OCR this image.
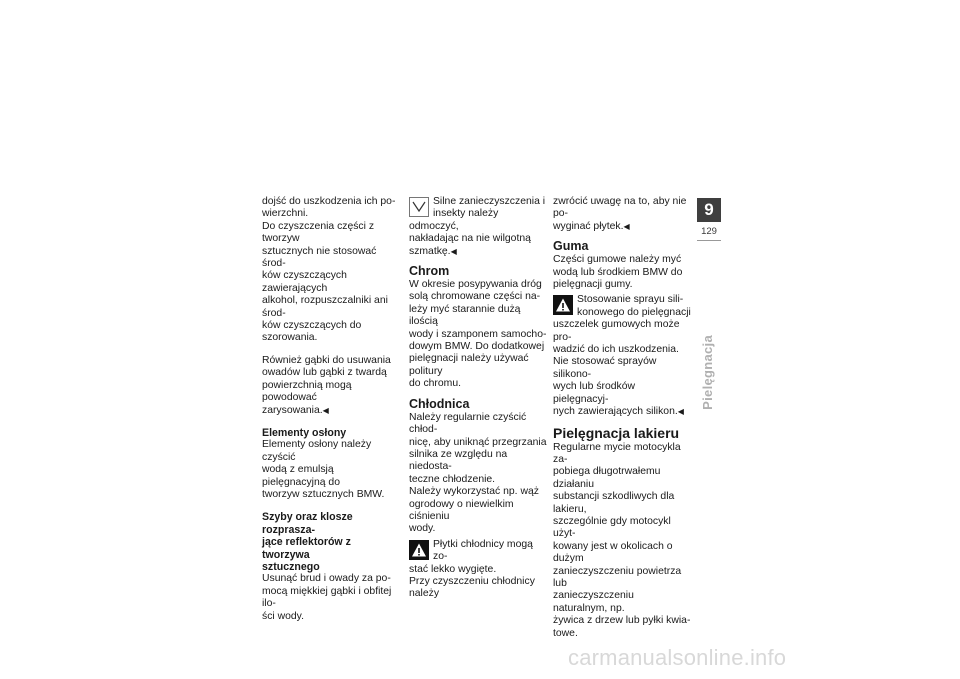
dojść do uszkodzenia ich po-

wierzchni.

Do czyszczenia części z tworzyw

sztucznych nie stosować środ-

ków czyszczących zawierających

alkohol, rozpuszczalniki ani środ-

ków czyszczących do szorowania.

Również gąbki do usuwania

owadów lub gąbki z twardą

powierzchnią mogą powodować

zarysowania.◀

Elementy osłony

Elementy osłony należy czyścić

wodą z emulsją pielęgnacyjną do

tworzyw sztucznych BMW.

Szyby oraz klosze rozprasza-

jące reflektorów z tworzywa

sztucznego

Usunąć brud i owady za po-

mocą miękkiej gąbki i obfitej ilo-

ści wody.

Silne zanieczyszczenia i

insekty należy odmoczyć,

nakładając na nie wilgotną

szmatkę.◀

Chrom

W okresie posypywania dróg

solą chromowane części na-

leży myć starannie dużą ilością

wody i szamponem samocho-

dowym BMW. Do dodatkowej

pielęgnacji należy używać politury

do chromu.

Chłodnica

Należy regularnie czyścić chłod-

nicę, aby uniknąć przegrzania

silnika ze względu na niedosta-

teczne chłodzenie.

Należy wykorzystać np. wąż

ogrodowy o niewielkim ciśnieniu

wody.

Płytki chłodnicy mogą zo-

stać lekko wygięte.

Przy czyszczeniu chłodnicy należy

zwrócić uwagę na to, aby nie po-

wyginać płytek.◀

Guma

Części gumowe należy myć

wodą lub środkiem BMW do

pielęgnacji gumy.

Stosowanie sprayu sili-

konowego do pielęgnacji

uszczelek gumowych może pro-

wadzić do ich uszkodzenia.

Nie stosować sprayów silikono-

wych lub środków pielęgnacyj-

nych zawierających silikon.◀

Pielęgnacja lakieru

Regularne mycie motocykla za-

pobiega długotrwałemu działaniu

substancji szkodliwych dla lakieru,

szczególnie gdy motocykl użyt-

kowany jest w okolicach o dużym

zanieczyszczeniu powietrza lub

zanieczyszczeniu naturalnym, np.

żywica z drzew lub pyłki kwia-

towe.

9
129
Pielęgnacja
carmanualsonline.info
